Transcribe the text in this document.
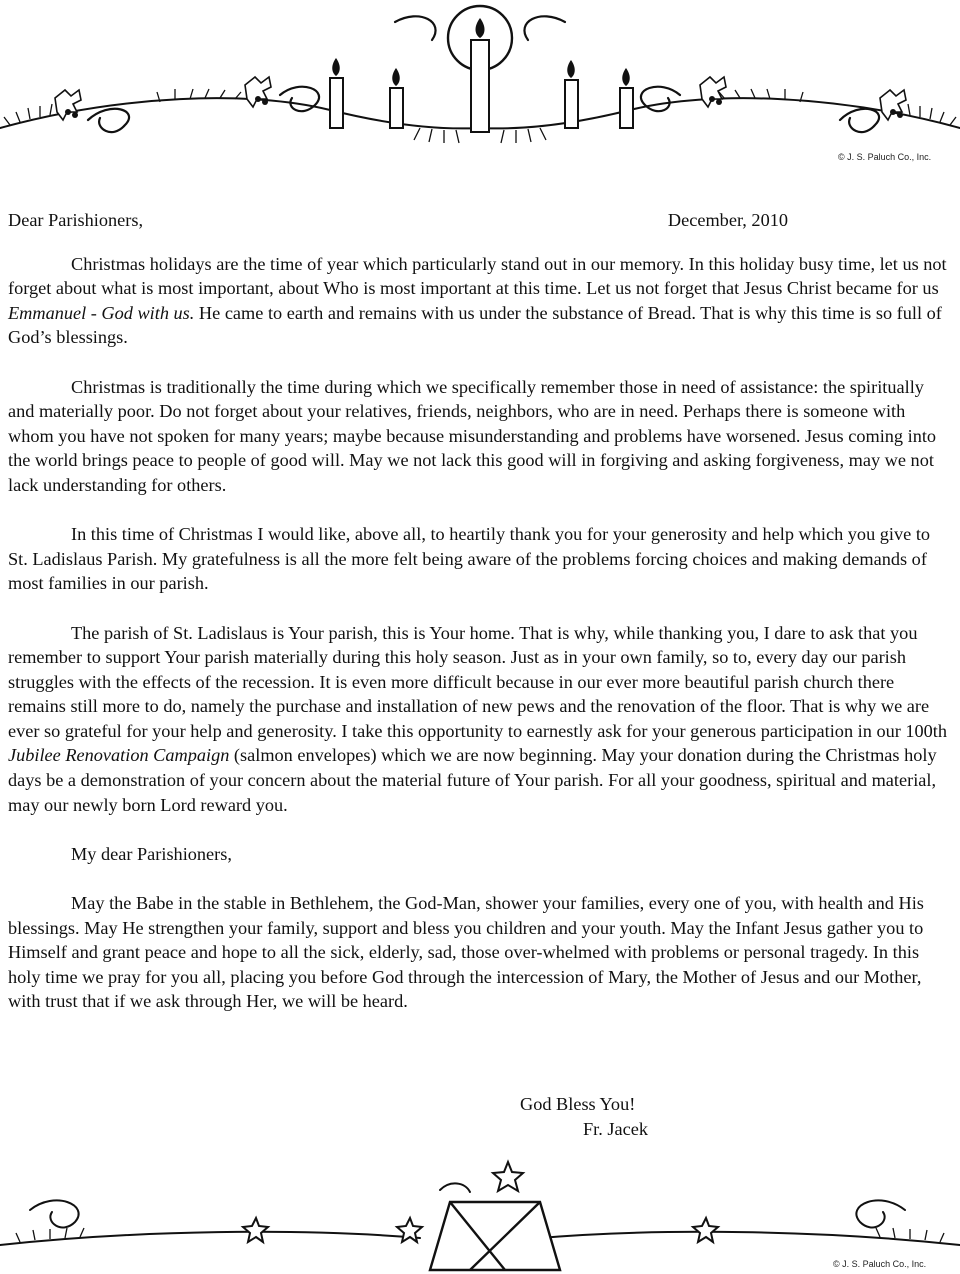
© J. S. Paluch Co., Inc.
Dear Parishioners,	December, 2010

Christmas holidays are the time of year which particularly stand out in our memory. In this holiday busy time, let us not forget about what is most important, about Who is most important at this time. Let us not forget that Jesus Christ became for us Emmanuel - God with us. He came to earth and remains with us under the substance of Bread. That is why this time is so full of God’s blessings.

Christmas is traditionally the time during which we specifically remember those in need of assistance: the spiritually and materially poor. Do not forget about your relatives, friends, neighbors, who are in need. Perhaps there is someone with whom you have not spoken for many years; maybe because misunderstanding and problems have worsened. Jesus coming into the world brings peace to people of good will. May we not lack this good will in forgiving and asking forgiveness, may we not lack understanding for others.

In this time of Christmas I would like, above all, to heartily thank you for your generosity and help which you give to St. Ladislaus Parish. My gratefulness is all the more felt being aware of the problems forcing choices and making demands of most families in our parish.

The parish of St. Ladislaus is Your parish, this is Your home. That is why, while thanking you, I dare to ask that you remember to support Your parish materially during this holy season. Just as in your own family, so to, every day our parish struggles with the effects of the recession. It is even more difficult because in our ever more beautiful parish church there remains still more to do, namely the purchase and installation of new pews and the renovation of the floor. That is why we are ever so grateful for your help and generosity. I take this opportunity to earnestly ask for your generous participation in our 100th Jubilee Renovation Campaign (salmon envelopes) which we are now beginning. May your donation during the Christmas holy days be a demonstration of your concern about the material future of Your parish. For all your goodness, spiritual and material, may our newly born Lord reward you.

My dear Parishioners,

May the Babe in the stable in Bethlehem, the God-Man, shower your families, every one of you, with health and His blessings. May He strengthen your family, support and bless you children and your youth. May the Infant Jesus gather you to Himself and grant peace and hope to all the sick, elderly, sad, those over-whelmed with problems or personal tragedy. In this holy time we pray for you all, placing you before God through the intercession of Mary, the Mother of Jesus and our Mother, with trust that if we ask through Her, we will be heard.

God Bless You!
Fr. Jacek
© J. S. Paluch Co., Inc.
